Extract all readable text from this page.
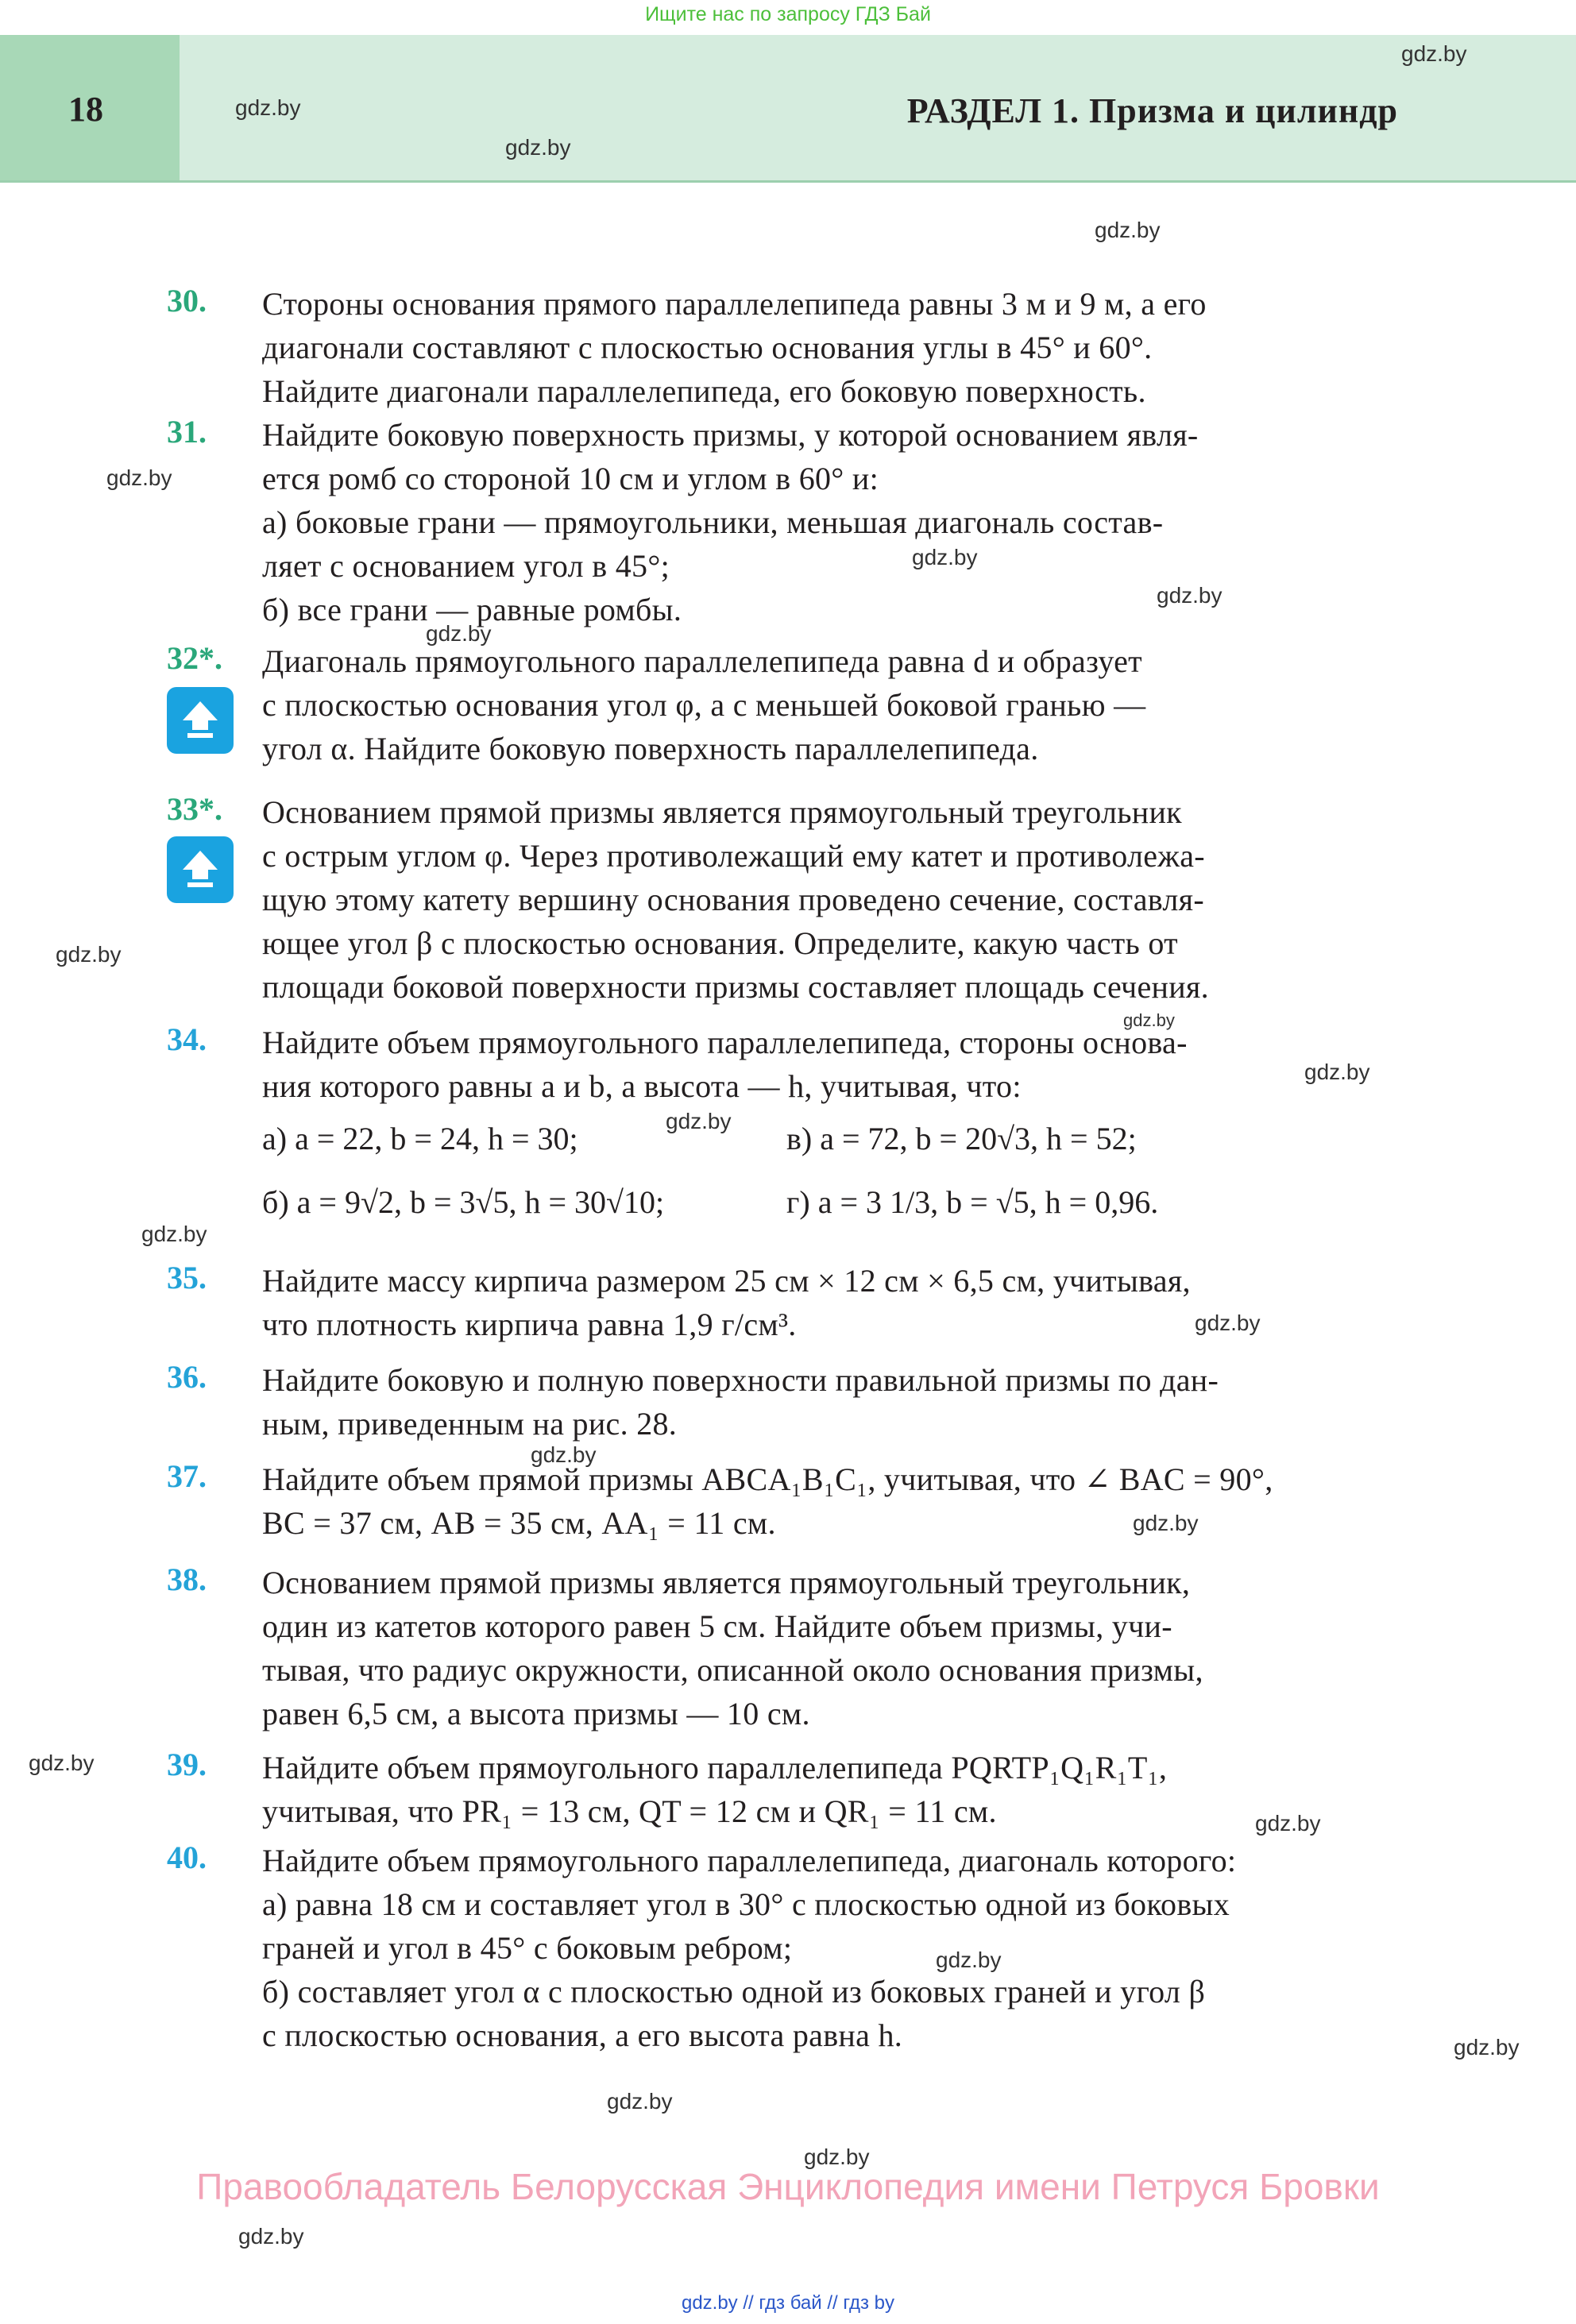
Ищите нас по запросу ГДЗ Бай
18	РАЗДЕЛ 1. Призма и цилиндр
gdz.by
gdz.by
gdz.by
gdz.by
gdz.by
gdz.by
gdz.by
gdz.by
gdz.by
gdz.by
gdz.by
gdz.by
gdz.by
gdz.by
gdz.by
gdz.by
gdz.by
gdz.by
gdz.by
gdz.by
gdz.by
gdz.by
gdz.by
30. Стороны основания прямого параллелепипеда равны 3 м и 9 м, а его
диагонали составляют с плоскостью основания углы в 45° и 60°.
Найдите диагонали параллелепипеда, его боковую поверхность.
31. Найдите боковую поверхность призмы, у которой основанием явля-
ется ромб со стороной 10 см и углом в 60° и:
а) боковые грани — прямоугольники, меньшая диагональ состав-
ляет с основанием угол в 45°;
б) все грани — равные ромбы.
32*. Диагональ прямоугольного параллелепипеда равна d и образует
с плоскостью основания угол φ, а с меньшей боковой гранью —
угол α. Найдите боковую поверхность параллелепипеда.
33*. Основанием прямой призмы является прямоугольный треугольник
с острым углом φ. Через противолежащий ему катет и противолежа-
щую этому катету вершину основания проведено сечение, составля-
ющее угол β с плоскостью основания. Определите, какую часть от
площади боковой поверхности призмы составляет площадь сечения.
34. Найдите объем прямоугольного параллелепипеда, стороны основа-
ния которого равны a и b, а высота — h, учитывая, что:
а) a = 22, b = 24, h = 30;	в) a = 72, b = 20√3, h = 52;
б) a = 9√2, b = 3√5, h = 30√10;	г) a = 3 1/3, b = √5, h = 0,96.
35. Найдите массу кирпича размером 25 см × 12 см × 6,5 см, учитывая,
что плотность кирпича равна 1,9 г/см³.
36. Найдите боковую и полную поверхности правильной призмы по дан-
ным, приведенным на рис. 28.
37. Найдите объем прямой призмы ABCA₁B₁C₁, учитывая, что ∠ BAC = 90°,
BC = 37 см, AB = 35 см, AA₁ = 11 см.
38. Основанием прямой призмы является прямоугольный треугольник,
один из катетов которого равен 5 см. Найдите объем призмы, учи-
тывая, что радиус окружности, описанной около основания призмы,
равен 6,5 см, а высота призмы — 10 см.
39. Найдите объем прямоугольного параллелепипеда PQRTP₁Q₁R₁T₁,
учитывая, что PR₁ = 13 см, QT = 12 см и QR₁ = 11 см.
40. Найдите объем прямоугольного параллелепипеда, диагональ которого:
а) равна 18 см и составляет угол в 30° с плоскостью одной из боковых
граней и угол в 45° с боковым ребром;
б) составляет угол α с плоскостью одной из боковых граней и угол β
с плоскостью основания, а его высота равна h.
Правообладатель Белорусская Энциклопедия имени Петруся Бровки
gdz.by // гдз бай // гдз by
